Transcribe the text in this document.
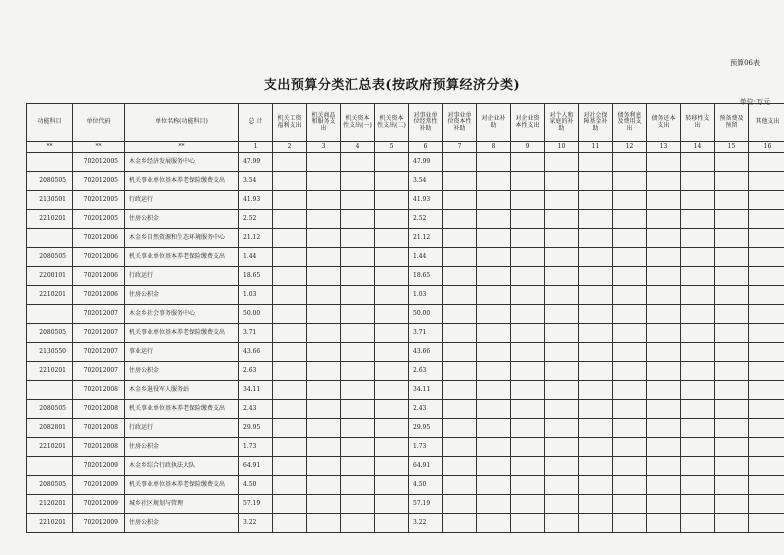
预算06表
支出预算分类汇总表(按政府预算经济分类)
单位:万元
功能科目	单位代码	单位名称(功能科目)	总 计	机关工资福利支出	机关商品和服务支出	机关资本性支出(一)	机关资本性支出(二)	对事业单位经常性补助	对事业单位资本性补助	对企业补助	对企业资本性支出	对个人和家庭的补助	对社会保障基金补助	债务利息及费用支出	债务还本支出	转移性支出	预备费及预留	其他支出
**	**	**	1	2	3	4	5	6	7	8	9	10	11	12	13	14	15	16
	702012005	木金乡经济发展服务中心	47.99					47.99										
2080505	702012005	机关事业单位基本养老保险缴费支出	3.54					3.54										
2130501	702012005	行政运行	41.93					41.93										
2210201	702012005	住房公积金	2.52					2.52										
	702012006	木金乡自然资源和生态环境服务中心	21.12					21.12										
2080505	702012006	机关事业单位基本养老保险缴费支出	1.44					1.44										
2200101	702012006	行政运行	18.65					18.65										
2210201	702012006	住房公积金	1.03					1.03										
	702012007	木金乡社会事务服务中心	50.00					50.00										
2080505	702012007	机关事业单位基本养老保险缴费支出	3.71					3.71										
2130550	702012007	事业运行	43.66					43.66										
2210201	702012007	住房公积金	2.63					2.63										
	702012008	木金乡退役军人服务站	34.11					34.11										
2080505	702012008	机关事业单位基本养老保险缴费支出	2.43					2.43										
2082801	702012008	行政运行	29.95					29.95										
2210201	702012008	住房公积金	1.73					1.73										
	702012009	木金乡综合行政执法大队	64.91					64.91										
2080505	702012009	机关事业单位基本养老保险缴费支出	4.50					4.50										
2120201	702012009	城乡社区规划与管理	57.19					57.19										
2210201	702012009	住房公积金	3.22					3.22										
